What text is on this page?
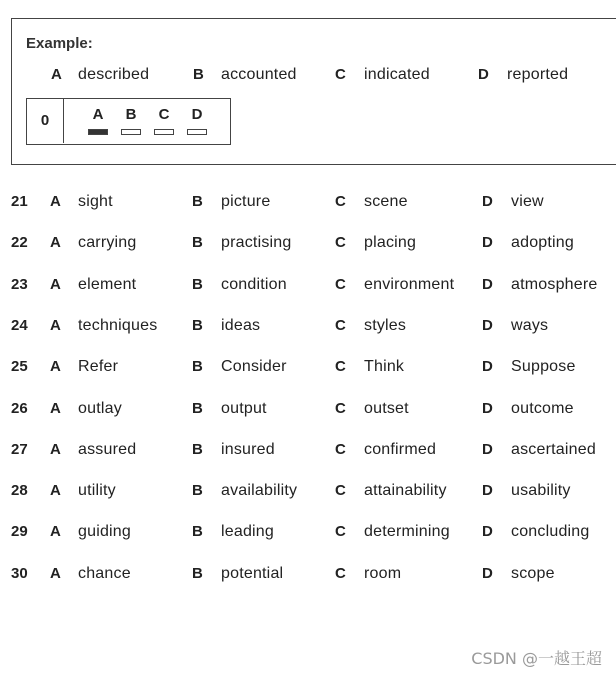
Example:
A described	B accounted	C indicated	D reported
0	A	B	C	D
21 A sight	B picture	C scene	D view
22 A carrying	B practising	C placing	D adopting
23 A element	B condition	C environment D atmosphere
24 A techniques B ideas	C styles	D ways
25 A Refer	B Consider	C Think	D Suppose
26 A outlay	B output	C outset	D outcome
27 A assured	B insured	C confirmed	D ascertained
28 A utility	B availability	C attainability D usability
29 A guiding	B leading	C determining D concluding
30 A chance	B potential	C room	D scope
CSDN @一越王超
